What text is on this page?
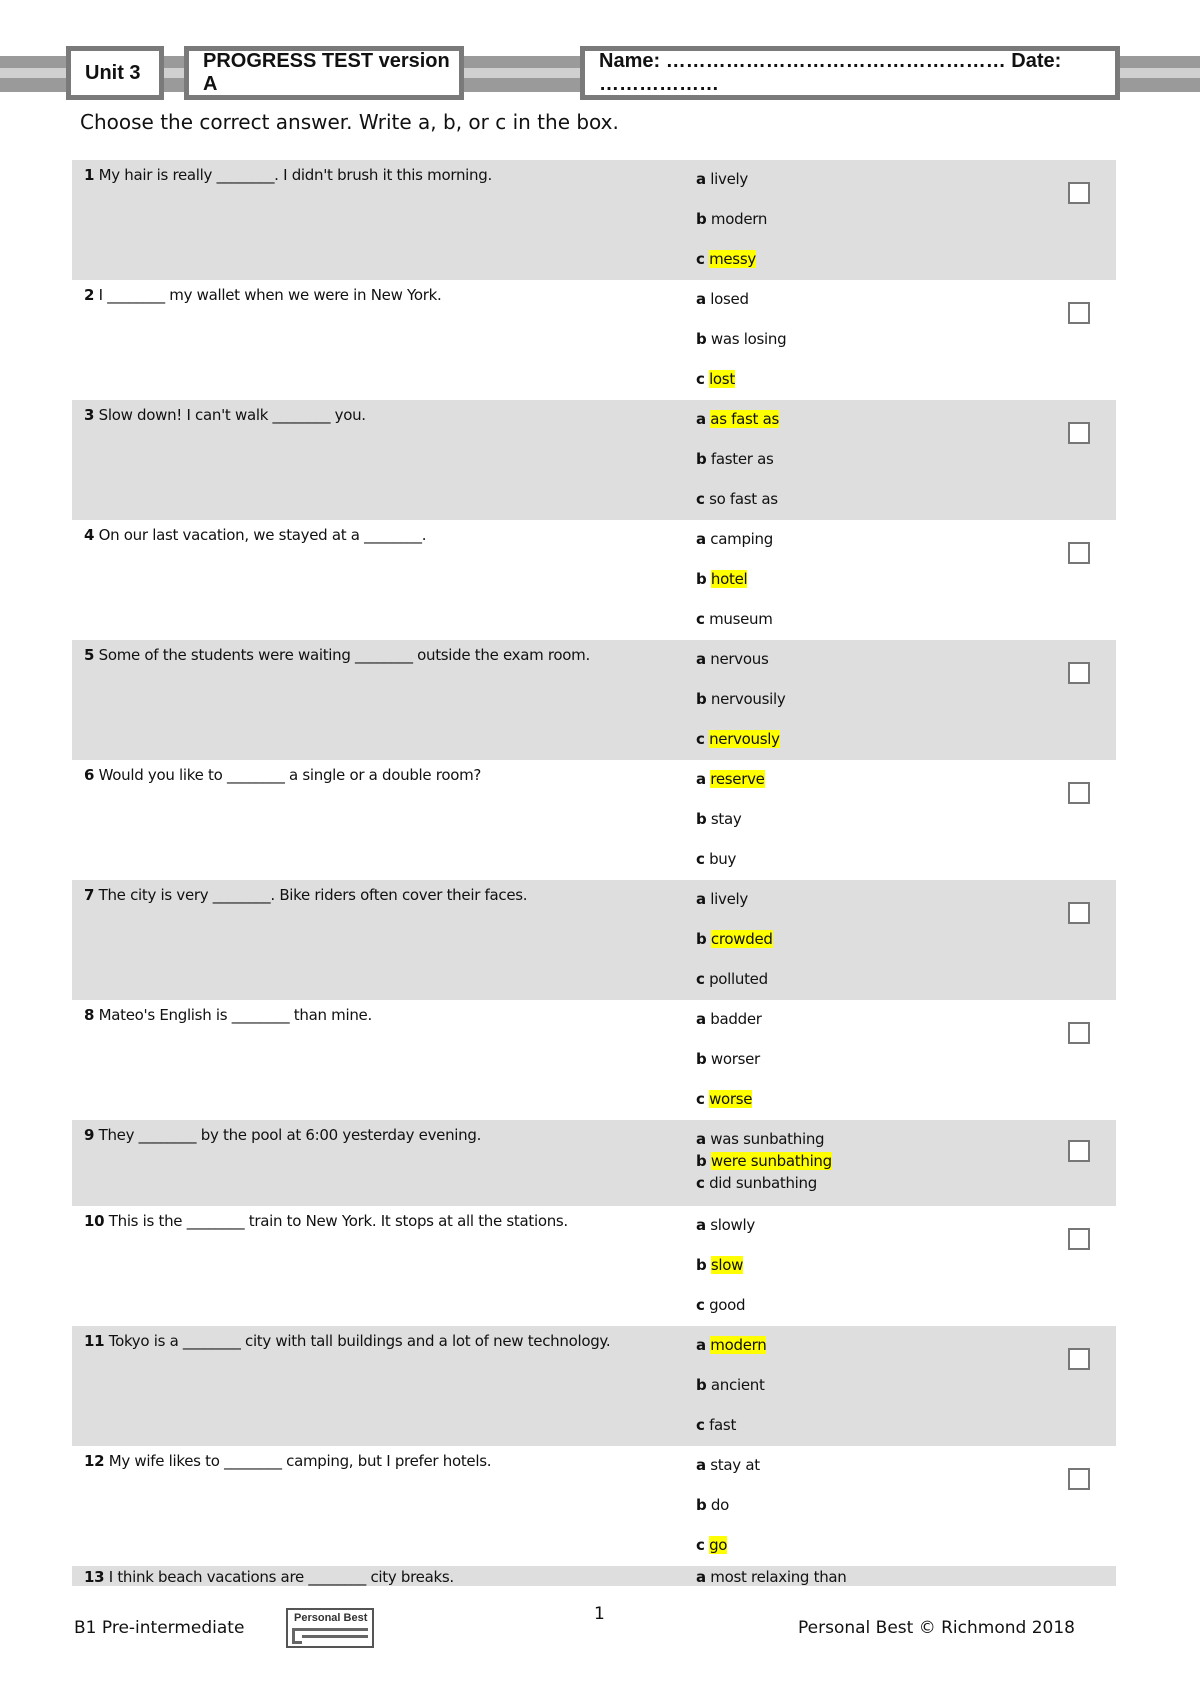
Unit 3
PROGRESS TEST version A
Name: …………………………………………… Date: ………………
Choose the correct answer. Write a, b, or c in the box.
1 My hair is really ________. I didn't brush it this morning.	a lively
b modern
c messy
2 I ________ my wallet when we were in New York.	a losed
b was losing
c lost
3 Slow down! I can't walk ________ you.	a as fast as
b faster as
c so fast as
4 On our last vacation, we stayed at a ________.	a camping
b hotel
c museum
5 Some of the students were waiting ________ outside the exam room.	a nervous
b nervousily
c nervously
6 Would you like to ________ a single or a double room?	a reserve
b stay
c buy
7 The city is very ________. Bike riders often cover their faces.	a lively
b crowded
c polluted
8 Mateo's English is ________ than mine.	a badder
b worser
c worse
9 They ________ by the pool at 6:00 yesterday evening.	a was sunbathing
b were sunbathing
c did sunbathing
10 This is the ________ train to New York. It stops at all the stations.	a slowly
b slow
c good
11 Tokyo is a ________ city with tall buildings and a lot of new technology.	a modern
b ancient
c fast
12 My wife likes to ________ camping, but I prefer hotels.	a stay at
b do
c go
13 I think beach vacations are ________ city breaks.	a most relaxing than
B1 Pre-intermediate	Personal Best	1
Personal Best © Richmond 2018
